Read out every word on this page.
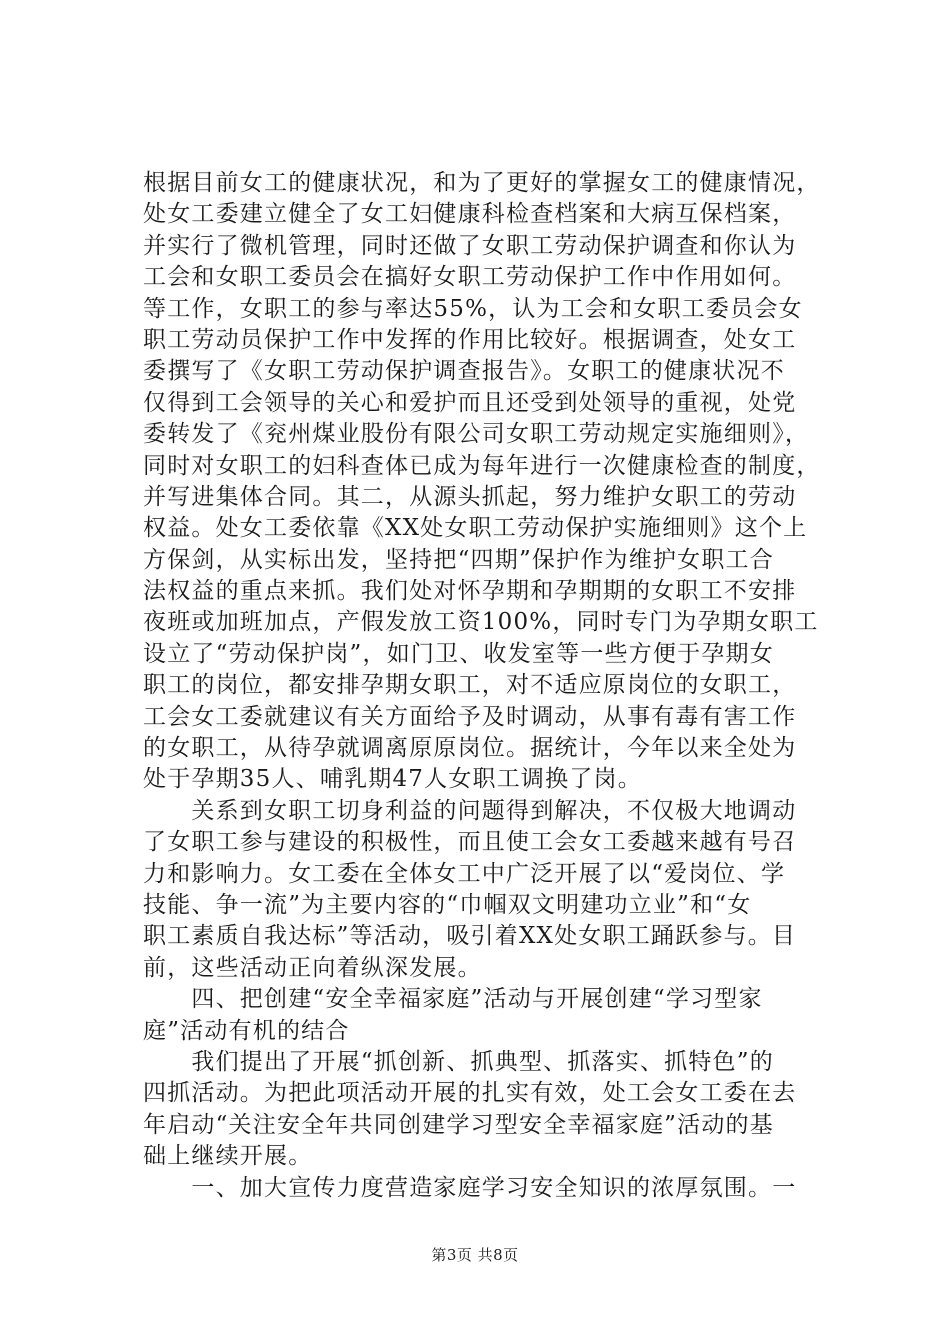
根据目前女工的健康状况，和为了更好的掌握女工的健康情况，
处女工委建立健全了女工妇健康科检查档案和大病互保档案，
并实行了微机管理，同时还做了女职工劳动保护调查和你认为
工会和女职工委员会在搞好女职工劳动保护工作中作用如何。
等工作，女职工的参与率达55%，认为工会和女职工委员会女
职工劳动员保护工作中发挥的作用比较好。根据调查，处女工
委撰写了《女职工劳动保护调查报告》。女职工的健康状况不
仅得到工会领导的关心和爱护而且还受到处领导的重视，处党
委转发了《兖州煤业股份有限公司女职工劳动规定实施细则》，
同时对女职工的妇科查体已成为每年进行一次健康检查的制度，
并写进集体合同。其二，从源头抓起，努力维护女职工的劳动
权益。处女工委依靠《XX处女职工劳动保护实施细则》这个上
方保剑，从实标出发，坚持把“四期”保护作为维护女职工合
法权益的重点来抓。我们处对怀孕期和孕期期的女职工不安排
夜班或加班加点，产假发放工资100%，同时专门为孕期女职工
设立了“劳动保护岗”，如门卫、收发室等一些方便于孕期女
职工的岗位，都安排孕期女职工，对不适应原岗位的女职工，
工会女工委就建议有关方面给予及时调动，从事有毒有害工作
的女职工，从待孕就调离原原岗位。据统计，今年以来全处为
处于孕期35人、哺乳期47人女职工调换了岗。
　　关系到女职工切身利益的问题得到解决，不仅极大地调动
了女职工参与建设的积极性，而且使工会女工委越来越有号召
力和影响力。女工委在全体女工中广泛开展了以“爱岗位、学
技能、争一流”为主要内容的“巾帼双文明建功立业”和“女
职工素质自我达标”等活动，吸引着XX处女职工踊跃参与。目
前，这些活动正向着纵深发展。
　　四、把创建“安全幸福家庭”活动与开展创建“学习型家
庭”活动有机的结合
　　我们提出了开展“抓创新、抓典型、抓落实、抓特色”的
四抓活动。为把此项活动开展的扎实有效，处工会女工委在去
年启动“关注安全年共同创建学习型安全幸福家庭”活动的基
础上继续开展。
　　一、加大宣传力度营造家庭学习安全知识的浓厚氛围。一
第3页 共8页
